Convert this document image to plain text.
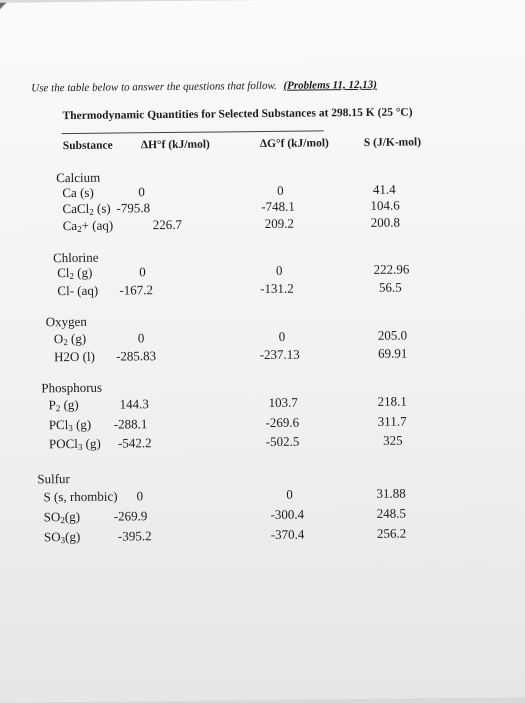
Use the table below to answer the questions that follow. (Problems 11, 12,13)
Thermodynamic Quantities for Selected Substances at 298.15 K (25 °C)
Substance ΔH°f (kJ/mol)	ΔG°f (kJ/mol)	S (J/K-mol)
Calcium
Ca (s)	0	0	41.4
CaCl$_2$ (s) -795.8	-748.1	104.6
$Ca_2+ (aq)$	226.7	209.2	200.8
Chlorine
$Cl_2$ (g)	0	0	222.96
Cl- (aq) -167.2	-131.2	56.5
Oxygen
$O_2$ (g)	0	0	205.0
H2O (l) -285.83	-237.13	69.91
Phosphorus
$P_2$ (g)	144.3	103.7	218.1
PCl$_3$ (g) -288.1	-269.6	311.7
POCl$_3$ (g) -542.2	-502.5	325
Sulfur
S (s, rhombic) 0	0	31.88
$SO_2(g)$	-269.9	-300.4	248.5
$SO_3(g)$	-395.2	-370.4	256.2
